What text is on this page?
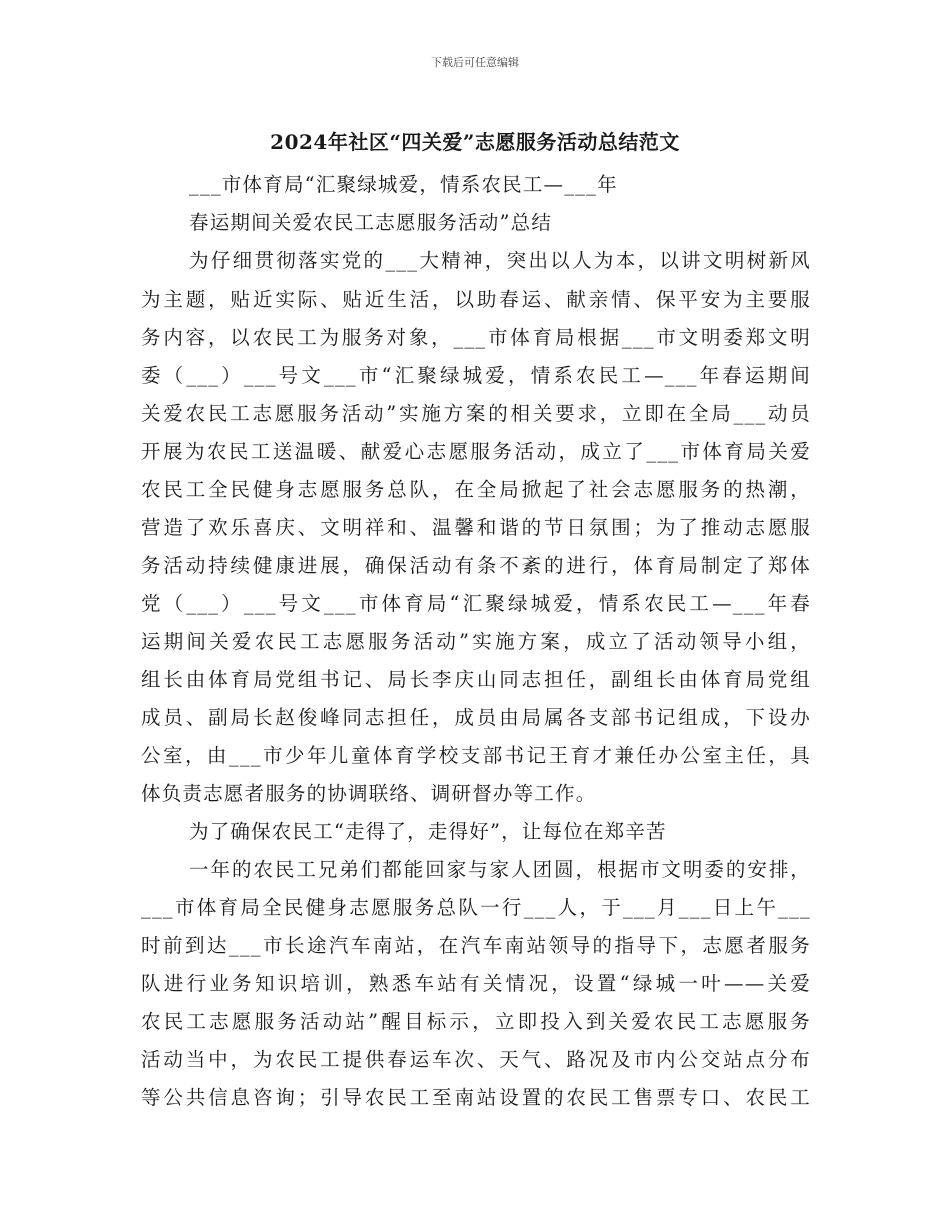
下载后可任意编辑
2024年社区“四关爱”志愿服务活动总结范文
___市体育局“汇聚绿城爱，情系农民工—___年
春运期间关爱农民工志愿服务活动”总结
为仔细贯彻落实党的___大精神，突出以人为本，以讲文明树新风
为主题，贴近实际、贴近生活，以助春运、献亲情、保平安为主要服
务内容，以农民工为服务对象，___市体育局根据___市文明委郑文明
委（___）___号文___市“汇聚绿城爱，情系农民工—___年春运期间
关爱农民工志愿服务活动”实施方案的相关要求，立即在全局___动员
开展为农民工送温暖、献爱心志愿服务活动，成立了___市体育局关爱
农民工全民健身志愿服务总队，在全局掀起了社会志愿服务的热潮，
营造了欢乐喜庆、文明祥和、温馨和谐的节日氛围；为了推动志愿服
务活动持续健康进展，确保活动有条不紊的进行，体育局制定了郑体
党（___）___号文___市体育局“汇聚绿城爱，情系农民工—___年春
运期间关爱农民工志愿服务活动”实施方案，成立了活动领导小组，
组长由体育局党组书记、局长李庆山同志担任，副组长由体育局党组
成员、副局长赵俊峰同志担任，成员由局属各支部书记组成，下设办
公室，由___市少年儿童体育学校支部书记王育才兼任办公室主任，具
体负责志愿者服务的协调联络、调研督办等工作。
为了确保农民工“走得了，走得好”，让每位在郑辛苦
一年的农民工兄弟们都能回家与家人团圆，根据市文明委的安排，
___市体育局全民健身志愿服务总队一行___人，于___月___日上午___
时前到达___市长途汽车南站，在汽车南站领导的指导下，志愿者服务
队进行业务知识培训，熟悉车站有关情况，设置“绿城一叶——关爱
农民工志愿服务活动站”醒目标示，立即投入到关爱农民工志愿服务
活动当中，为农民工提供春运车次、天气、路况及市内公交站点分布
等公共信息咨询；引导农民工至南站设置的农民工售票专口、农民工
